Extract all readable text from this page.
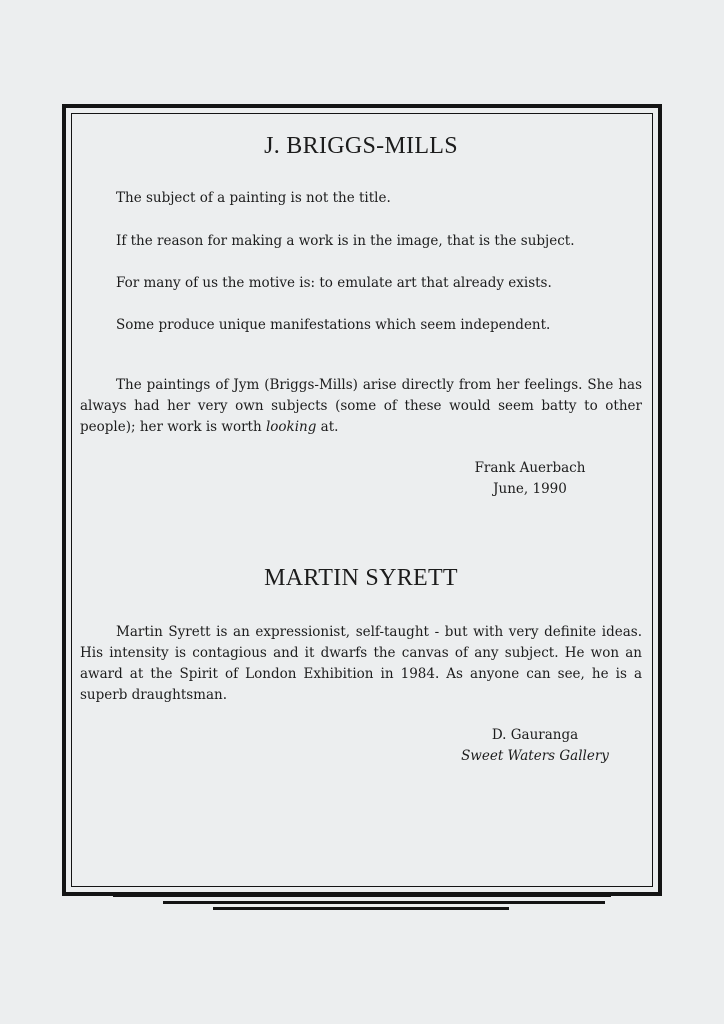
J. BRIGGS-MILLS
The subject of a painting is not the title.
If the reason for making a work is in the image, that is the subject.
For many of us the motive is: to emulate art that already exists.
Some produce unique manifestations which seem independent.
The paintings of Jym (Briggs-Mills) arise directly from her feelings. She has always had her very own subjects (some of these would seem batty to other people); her work is worth looking at.
Frank Auerbach
June, 1990
MARTIN SYRETT
Martin Syrett is an expressionist, self-taught - but with very definite ideas. His intensity is contagious and it dwarfs the canvas of any subject. He won an award at the Spirit of London Exhibition in 1984. As anyone can see, he is a superb draughtsman.
D. Gauranga
Sweet Waters Gallery
